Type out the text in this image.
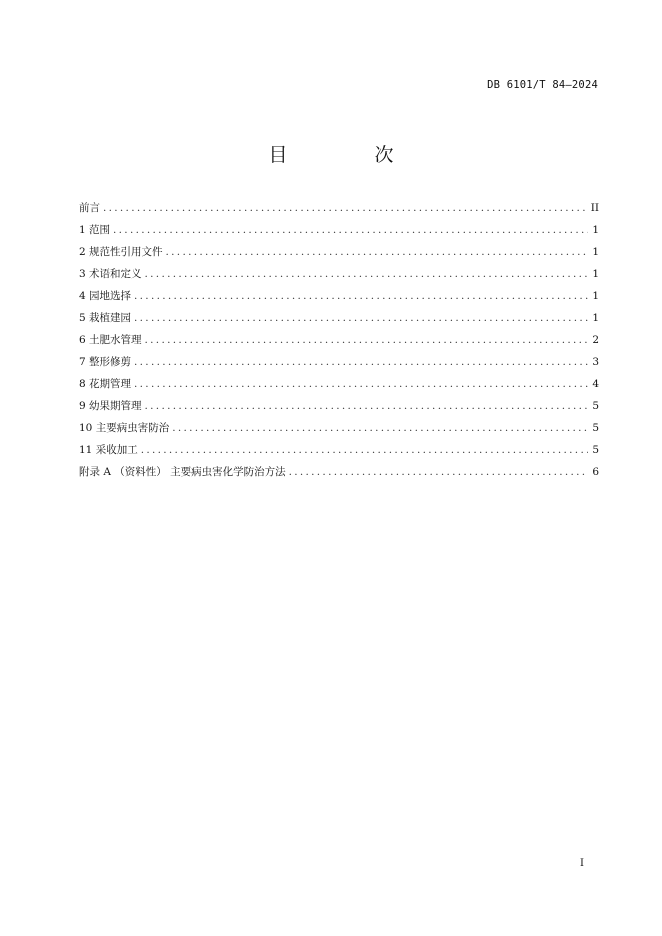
DB 6101/T 84—2024
目　次
前言 .....	II
1 范围 .....	1
2 规范性引用文件 .....	1
3 术语和定义 .....	1
4 园地选择 .....	1
5 栽植建园 .....	1
6 土肥水管理 .....	2
7 整形修剪 .....	3
8 花期管理 .....	4
9 幼果期管理 .....	5
10 主要病虫害防治 .....	5
11 采收加工 .....	5
附录 A （资料性） 主要病虫害化学防治方法 .....	6
I
